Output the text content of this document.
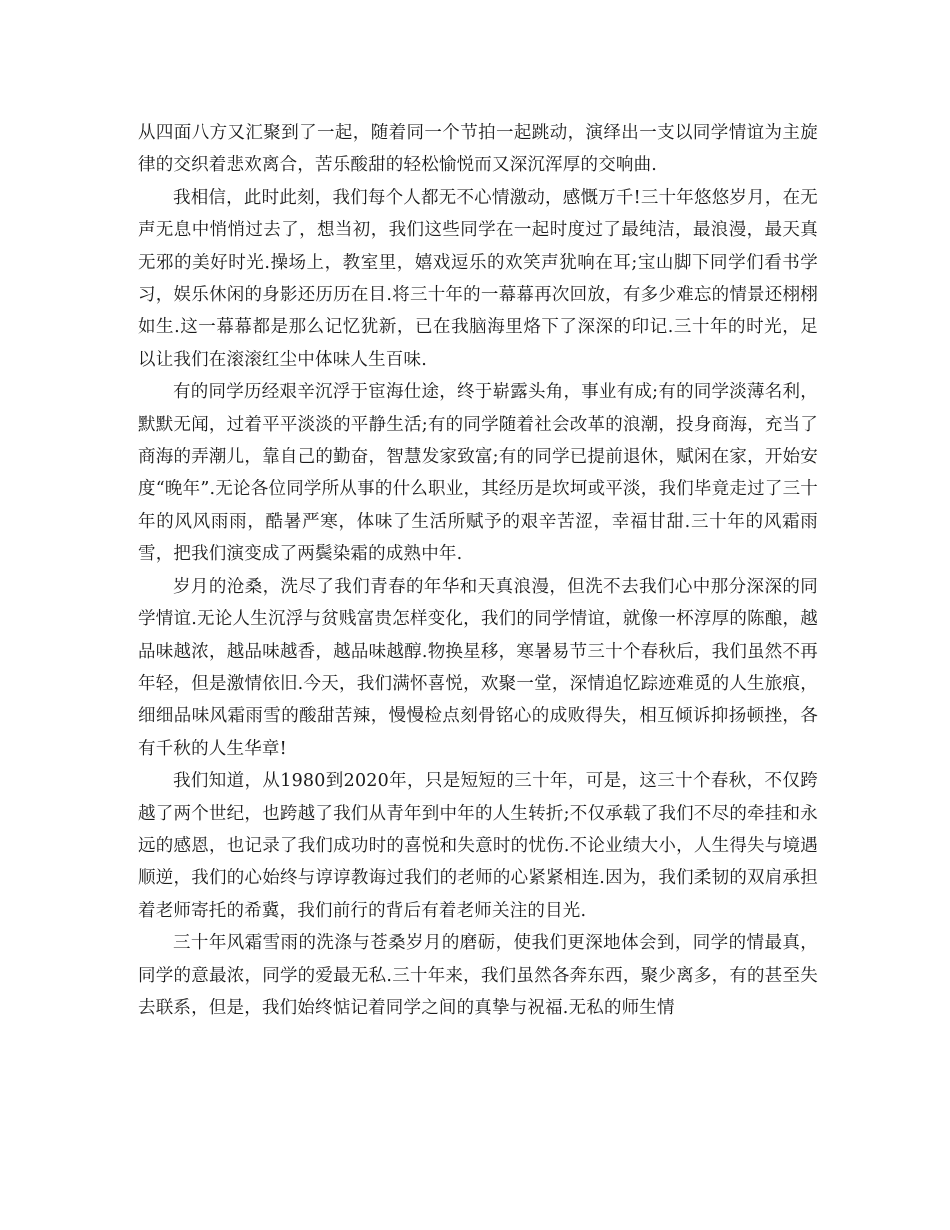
从四面八方又汇聚到了一起，随着同一个节拍一起跳动，演绎出一支以同学情谊为主旋律的交织着悲欢离合，苦乐酸甜的轻松愉悦而又深沉浑厚的交响曲.

我相信，此时此刻，我们每个人都无不心情激动，感慨万千!三十年悠悠岁月，在无声无息中悄悄过去了，想当初，我们这些同学在一起时度过了最纯洁，最浪漫，最天真无邪的美好时光.操场上，教室里，嬉戏逗乐的欢笑声犹响在耳;宝山脚下同学们看书学习，娱乐休闲的身影还历历在目.将三十年的一幕幕再次回放，有多少难忘的情景还栩栩如生.这一幕幕都是那么记忆犹新，已在我脑海里烙下了深深的印记.三十年的时光，足以让我们在滚滚红尘中体味人生百味.

有的同学历经艰辛沉浮于宦海仕途，终于崭露头角，事业有成;有的同学淡薄名利，默默无闻，过着平平淡淡的平静生活;有的同学随着社会改革的浪潮，投身商海，充当了商海的弄潮儿，靠自己的勤奋，智慧发家致富;有的同学已提前退休，赋闲在家，开始安度“晚年”.无论各位同学所从事的什么职业，其经历是坎坷或平淡，我们毕竟走过了三十年的风风雨雨，酷暑严寒，体味了生活所赋予的艰辛苦涩，幸福甘甜.三十年的风霜雨雪，把我们演变成了两鬓染霜的成熟中年.

岁月的沧桑，洗尽了我们青春的年华和天真浪漫，但洗不去我们心中那分深深的同学情谊.无论人生沉浮与贫贱富贵怎样变化，我们的同学情谊，就像一杯淳厚的陈酿，越品味越浓，越品味越香，越品味越醇.物换星移，寒暑易节三十个春秋后，我们虽然不再年轻，但是激情依旧.今天，我们满怀喜悦，欢聚一堂，深情追忆踪迹难觅的人生旅痕，细细品味风霜雨雪的酸甜苦辣，慢慢检点刻骨铭心的成败得失，相互倾诉抑扬顿挫，各有千秋的人生华章!

我们知道，从1980到2020年，只是短短的三十年，可是，这三十个春秋，不仅跨越了两个世纪，也跨越了我们从青年到中年的人生转折;不仅承载了我们不尽的牵挂和永远的感恩，也记录了我们成功时的喜悦和失意时的忧伤.不论业绩大小，人生得失与境遇顺逆，我们的心始终与谆谆教诲过我们的老师的心紧紧相连.因为，我们柔韧的双肩承担着老师寄托的希冀，我们前行的背后有着老师关注的目光.

三十年风霜雪雨的洗涤与苍桑岁月的磨砺，使我们更深地体会到，同学的情最真，同学的意最浓，同学的爱最无私.三十年来，我们虽然各奔东西，聚少离多，有的甚至失去联系，但是，我们始终惦记着同学之间的真挚与祝福.无私的师生情
